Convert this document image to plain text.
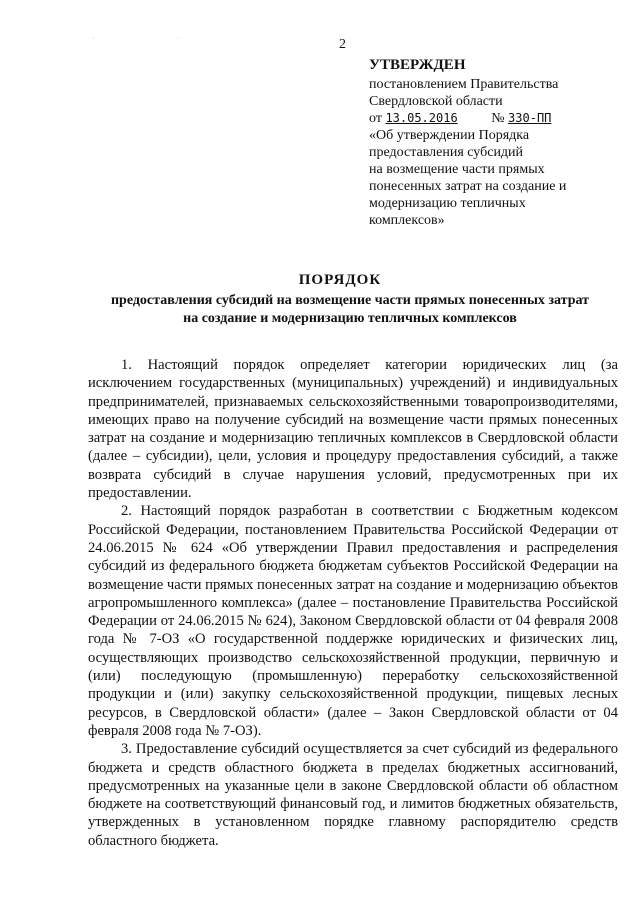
· ·	2
УТВЕРЖДЕН
постановлением Правительства
Свердловской области
от 13.05.2016 № 330-ПП
«Об утверждении Порядка
предоставления субсидий
на возмещение части прямых
понесенных затрат на создание и
модернизацию тепличных
комплексов»
ПОРЯДОК
предоставления субсидий на возмещение части прямых понесенных затрат
на создание и модернизацию тепличных комплексов

1. Настоящий порядок определяет категории юридических лиц (за исключением государственных (муниципальных) учреждений) и индивидуальных предпринимателей, признаваемых сельскохозяйственными товаропроизводителями, имеющих право на получение субсидий на возмещение части прямых понесенных затрат на создание и модернизацию тепличных комплексов в Свердловской области (далее – субсидии), цели, условия и процедуру предоставления субсидий, а также возврата субсидий в случае нарушения условий, предусмотренных при их предоставлении.

2. Настоящий порядок разработан в соответствии с Бюджетным кодексом Российской Федерации, постановлением Правительства Российской Федерации от 24.06.2015 № 624 «Об утверждении Правил предоставления и распределения субсидий из федерального бюджета бюджетам субъектов Российской Федерации на возмещение части прямых понесенных затрат на создание и модернизацию объектов агропромышленного комплекса» (далее – постановление Правительства Российской Федерации от 24.06.2015 № 624), Законом Свердловской области от 04 февраля 2008 года № 7-ОЗ «О государственной поддержке юридических и физических лиц, осуществляющих производство сельскохозяйственной продукции, первичную и (или) последующую (промышленную) переработку сельскохозяйственной продукции и (или) закупку сельскохозяйственной продукции, пищевых лесных ресурсов, в Свердловской области» (далее – Закон Свердловской области от 04 февраля 2008 года № 7-ОЗ).

3. Предоставление субсидий осуществляется за счет субсидий из федерального бюджета и средств областного бюджета в пределах бюджетных ассигнований, предусмотренных на указанные цели в законе Свердловской области об областном бюджете на соответствующий финансовый год, и лимитов бюджетных обязательств, утвержденных в установленном порядке главному распорядителю средств областного бюджета.
